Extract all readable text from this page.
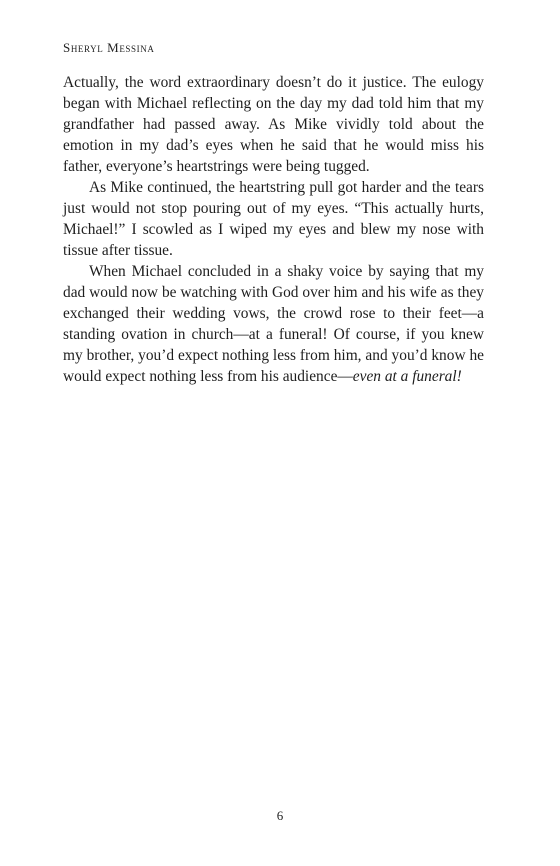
Sheryl Messina

Actually, the word extraordinary doesn’t do it justice. The eulogy began with Michael reflecting on the day my dad told him that my grandfather had passed away. As Mike vividly told about the emotion in my dad’s eyes when he said that he would miss his father, everyone’s heartstrings were being tugged.

As Mike continued, the heartstring pull got harder and the tears just would not stop pouring out of my eyes. “This actually hurts, Michael!” I scowled as I wiped my eyes and blew my nose with tissue after tissue.

When Michael concluded in a shaky voice by saying that my dad would now be watching with God over him and his wife as they exchanged their wedding vows, the crowd rose to their feet—a standing ovation in church—at a funeral! Of course, if you knew my brother, you’d expect nothing less from him, and you’d know he would expect nothing less from his audience—even at a funeral!

6
